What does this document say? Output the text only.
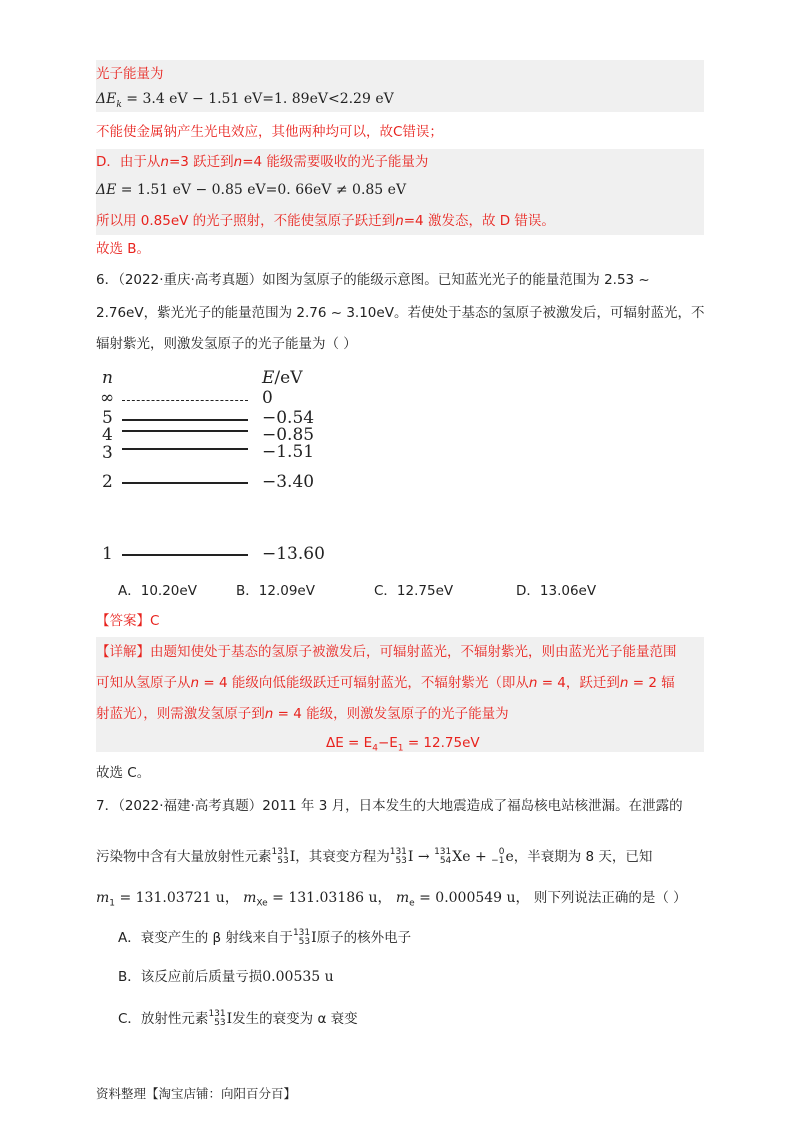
光子能量为
$\Delta E_k = 3.4$ eV − 1.51 eV=1. 89eV<2.29 eV
不能使金属钠产生光电效应，其他两种均可以，故C错误；
D．由于从n=3 跃迁到n=4 能级需要吸收的光子能量为
ΔE = 1.51 eV − 0.85 eV=0. 66eV ≠ 0.85 eV
所以用 0.85eV 的光子照射，不能使氢原子跃迁到n=4 激发态，故 D 错误。
故选 B。
6．（2022·重庆·高考真题）如图为氢原子的能级示意图。已知蓝光光子的能量范围为 2.53 ~
2.76eV，紫光光子的能量范围为 2.76 ~ 3.10eV。若使处于基态的氢原子被激发后，可辐射蓝光，不
辐射紫光，则激发氢原子的光子能量为（ ）
n	E/eV
∞	0
5	−0.54
4	−0.85
3	−1.51
2	−3.40
1	−13.60
A．10.20eV	B．12.09eV	C．12.75eV	D．13.06eV
【答案】C
【详解】由题知使处于基态的氢原子被激发后，可辐射蓝光，不辐射紫光，则由蓝光光子能量范围
可知从氢原子从n = 4 能级向低能级跃迁可辐射蓝光，不辐射紫光（即从n = 4，跃迁到n = 2 辐
射蓝光），则需激发氢原子到n = 4 能级，则激发氢原子的光子能量为
$\Delta E = E_4-E_1 = 12.75eV$
故选 C。
7．（2022·福建·高考真题）2011 年 3 月，日本发生的大地震造成了福岛核电站核泄漏。在泄露的
污染物中含有大量放射性元素131
53I，其衰变方程为131
53I → 131
54Xe + 0
−1e，半衰期为 8 天，已知
$m_1 = 131.03721$ u， $m_{Xe} = 131.03186$ u， $m_e = 0.000549$ u， 则下列说法正确的是（ ）
A．衰变产生的 β 射线来自于131
53I原子的核外电子
B．该反应前后质量亏损0.00535 u
C．放射性元素131
53I发生的衰变为 α 衰变
资料整理【淘宝店铺：向阳百分百】
